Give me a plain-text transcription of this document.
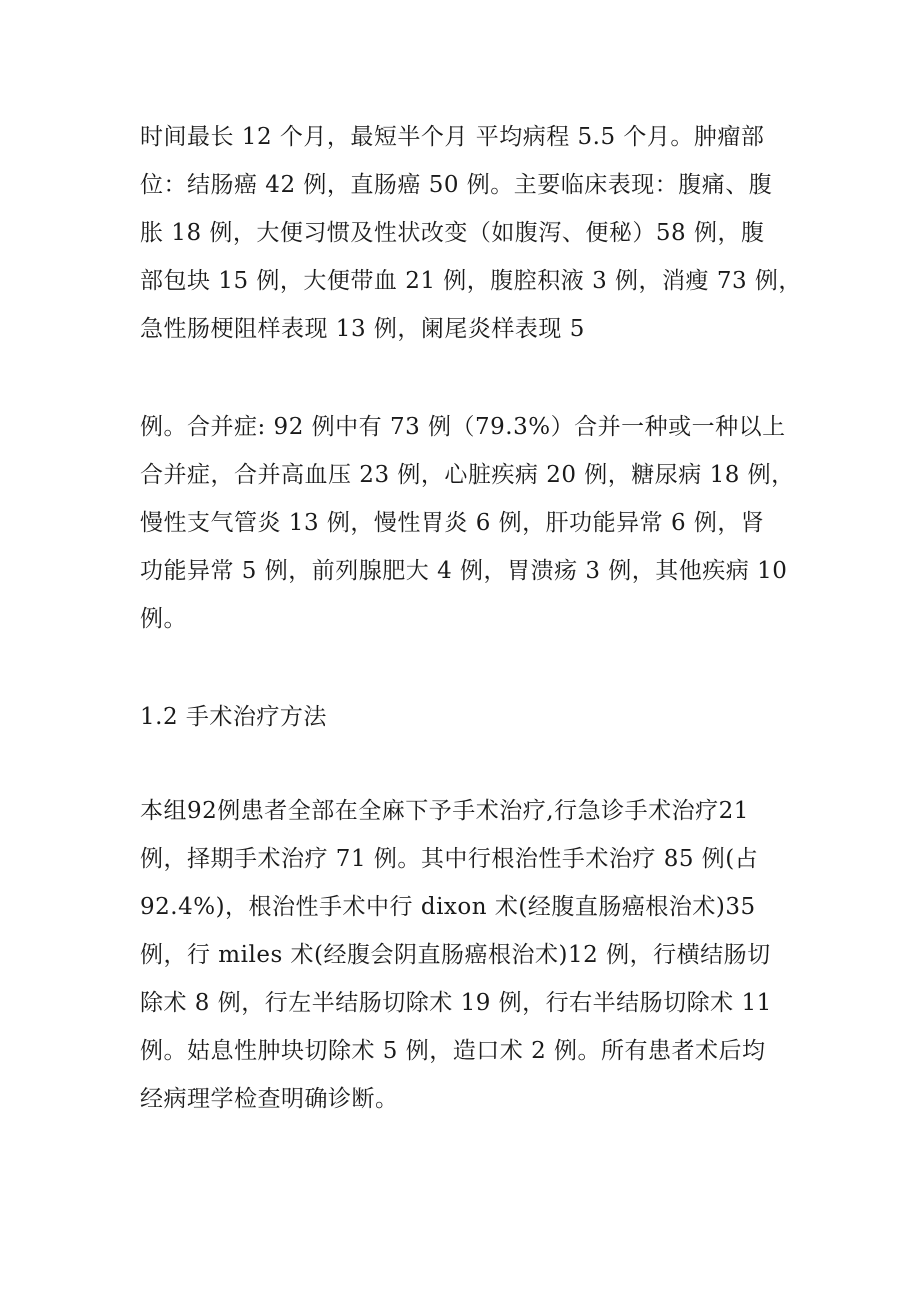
时间最长 12 个月，最短半个月 平均病程 5.5 个月。肿瘤部
位：结肠癌 42 例，直肠癌 50 例。主要临床表现：腹痛、腹
胀 18 例，大便习惯及性状改变（如腹泻、便秘）58 例，腹
部包块 15 例，大便带血 21 例，腹腔积液 3 例，消瘦 73 例，
急性肠梗阻样表现 13 例，阑尾炎样表现 5

例。合并症: 92 例中有 73 例（79.3%）合并一种或一种以上
合并症，合并高血压 23 例，心脏疾病 20 例，糖尿病 18 例，
慢性支气管炎 13 例，慢性胃炎 6 例，肝功能异常 6 例，肾
功能异常 5 例，前列腺肥大 4 例，胃溃疡 3 例，其他疾病 10
例。

1.2 手术治疗方法

本组92例患者全部在全麻下予手术治疗,行急诊手术治疗21
例，择期手术治疗 71 例。其中行根治性手术治疗 85 例(占
92.4%)，根治性手术中行 dixon 术(经腹直肠癌根治术)35
例，行 miles 术(经腹会阴直肠癌根治术)12 例，行横结肠切
除术 8 例，行左半结肠切除术 19 例，行右半结肠切除术 11
例。姑息性肿块切除术 5 例，造口术 2 例。所有患者术后均
经病理学检查明确诊断。
